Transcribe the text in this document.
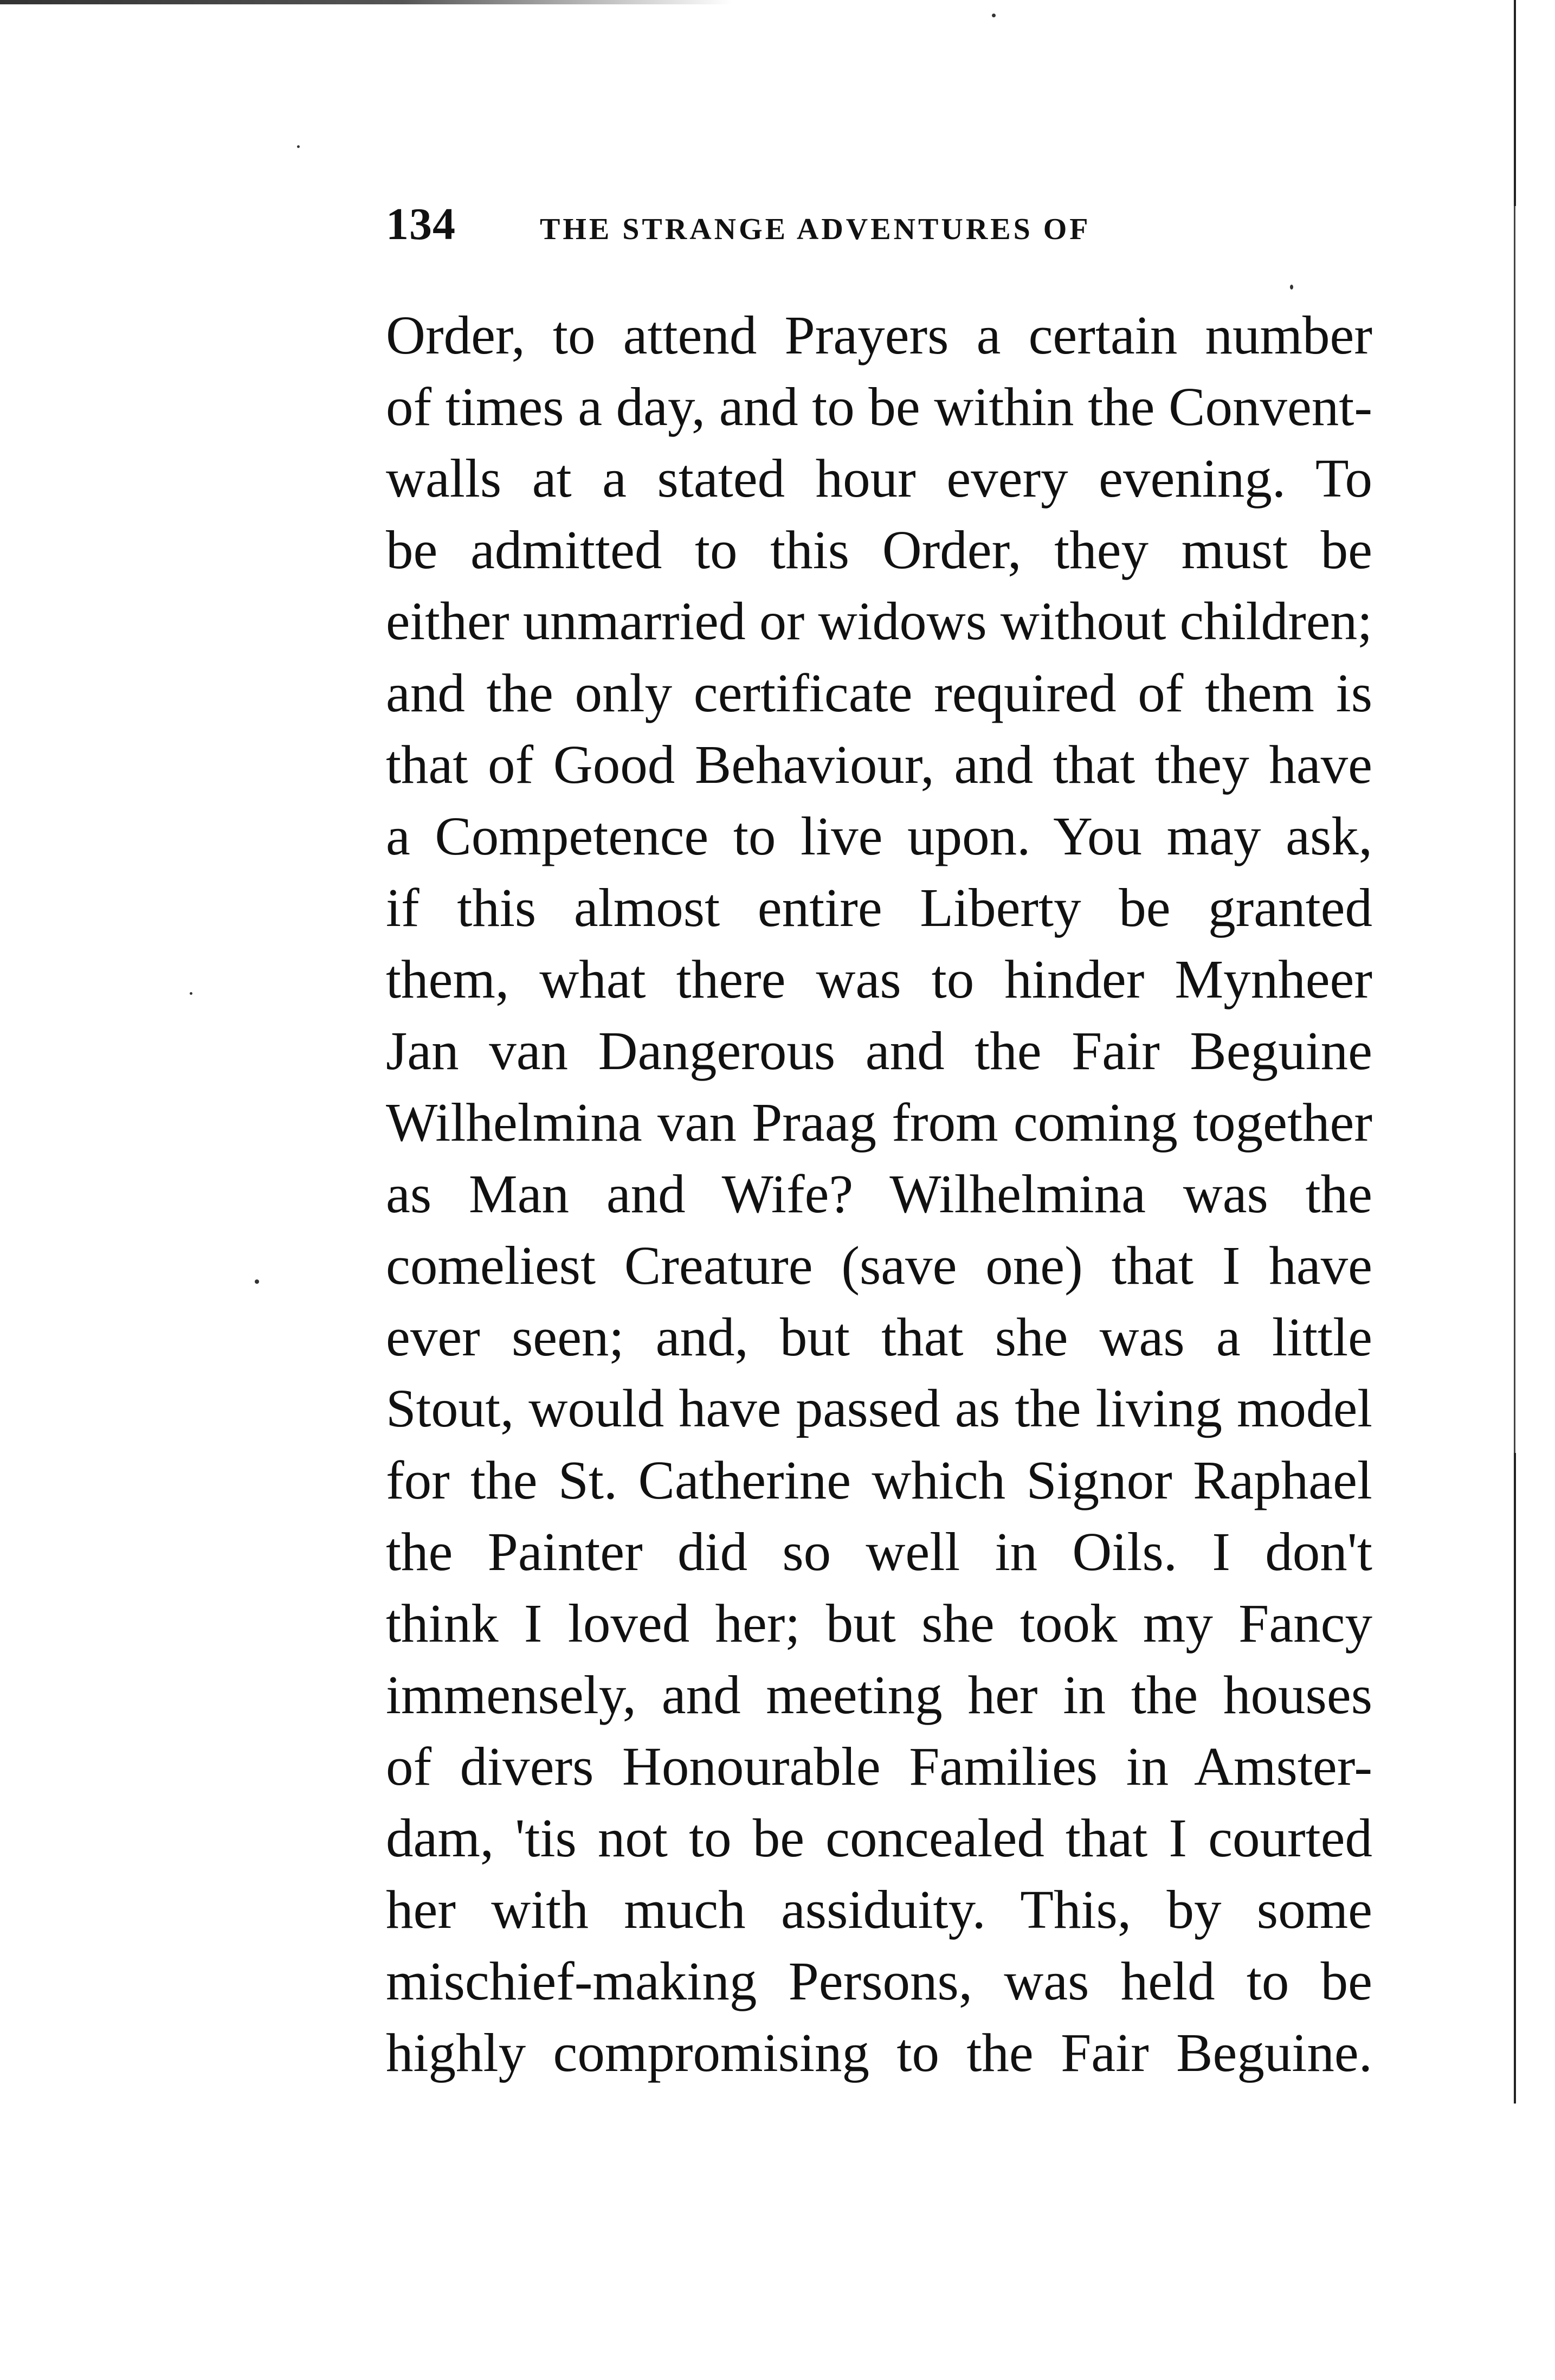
134	THE STRANGE ADVENTURES OF
Order, to attend Prayers a certain number
of times a day, and to be within the Convent-
walls at a stated hour every evening. To
be admitted to this Order, they must be
either unmarried or widows without children;
and the only certificate required of them is
that of Good Behaviour, and that they have
a Competence to live upon. You may ask,
if this almost entire Liberty be granted
them, what there was to hinder Mynheer
Jan van Dangerous and the Fair Beguine
Wilhelmina van Praag from coming together
as Man and Wife? Wilhelmina was the
comeliest Creature (save one) that I have
ever seen; and, but that she was a little
Stout, would have passed as the living model
for the St. Catherine which Signor Raphael
the Painter did so well in Oils. I don't
think I loved her; but she took my Fancy
immensely, and meeting her in the houses
of divers Honourable Families in Amster-
dam, 'tis not to be concealed that I courted
her with much assiduity. This, by some
mischief-making Persons, was held to be
highly compromising to the Fair Beguine.
